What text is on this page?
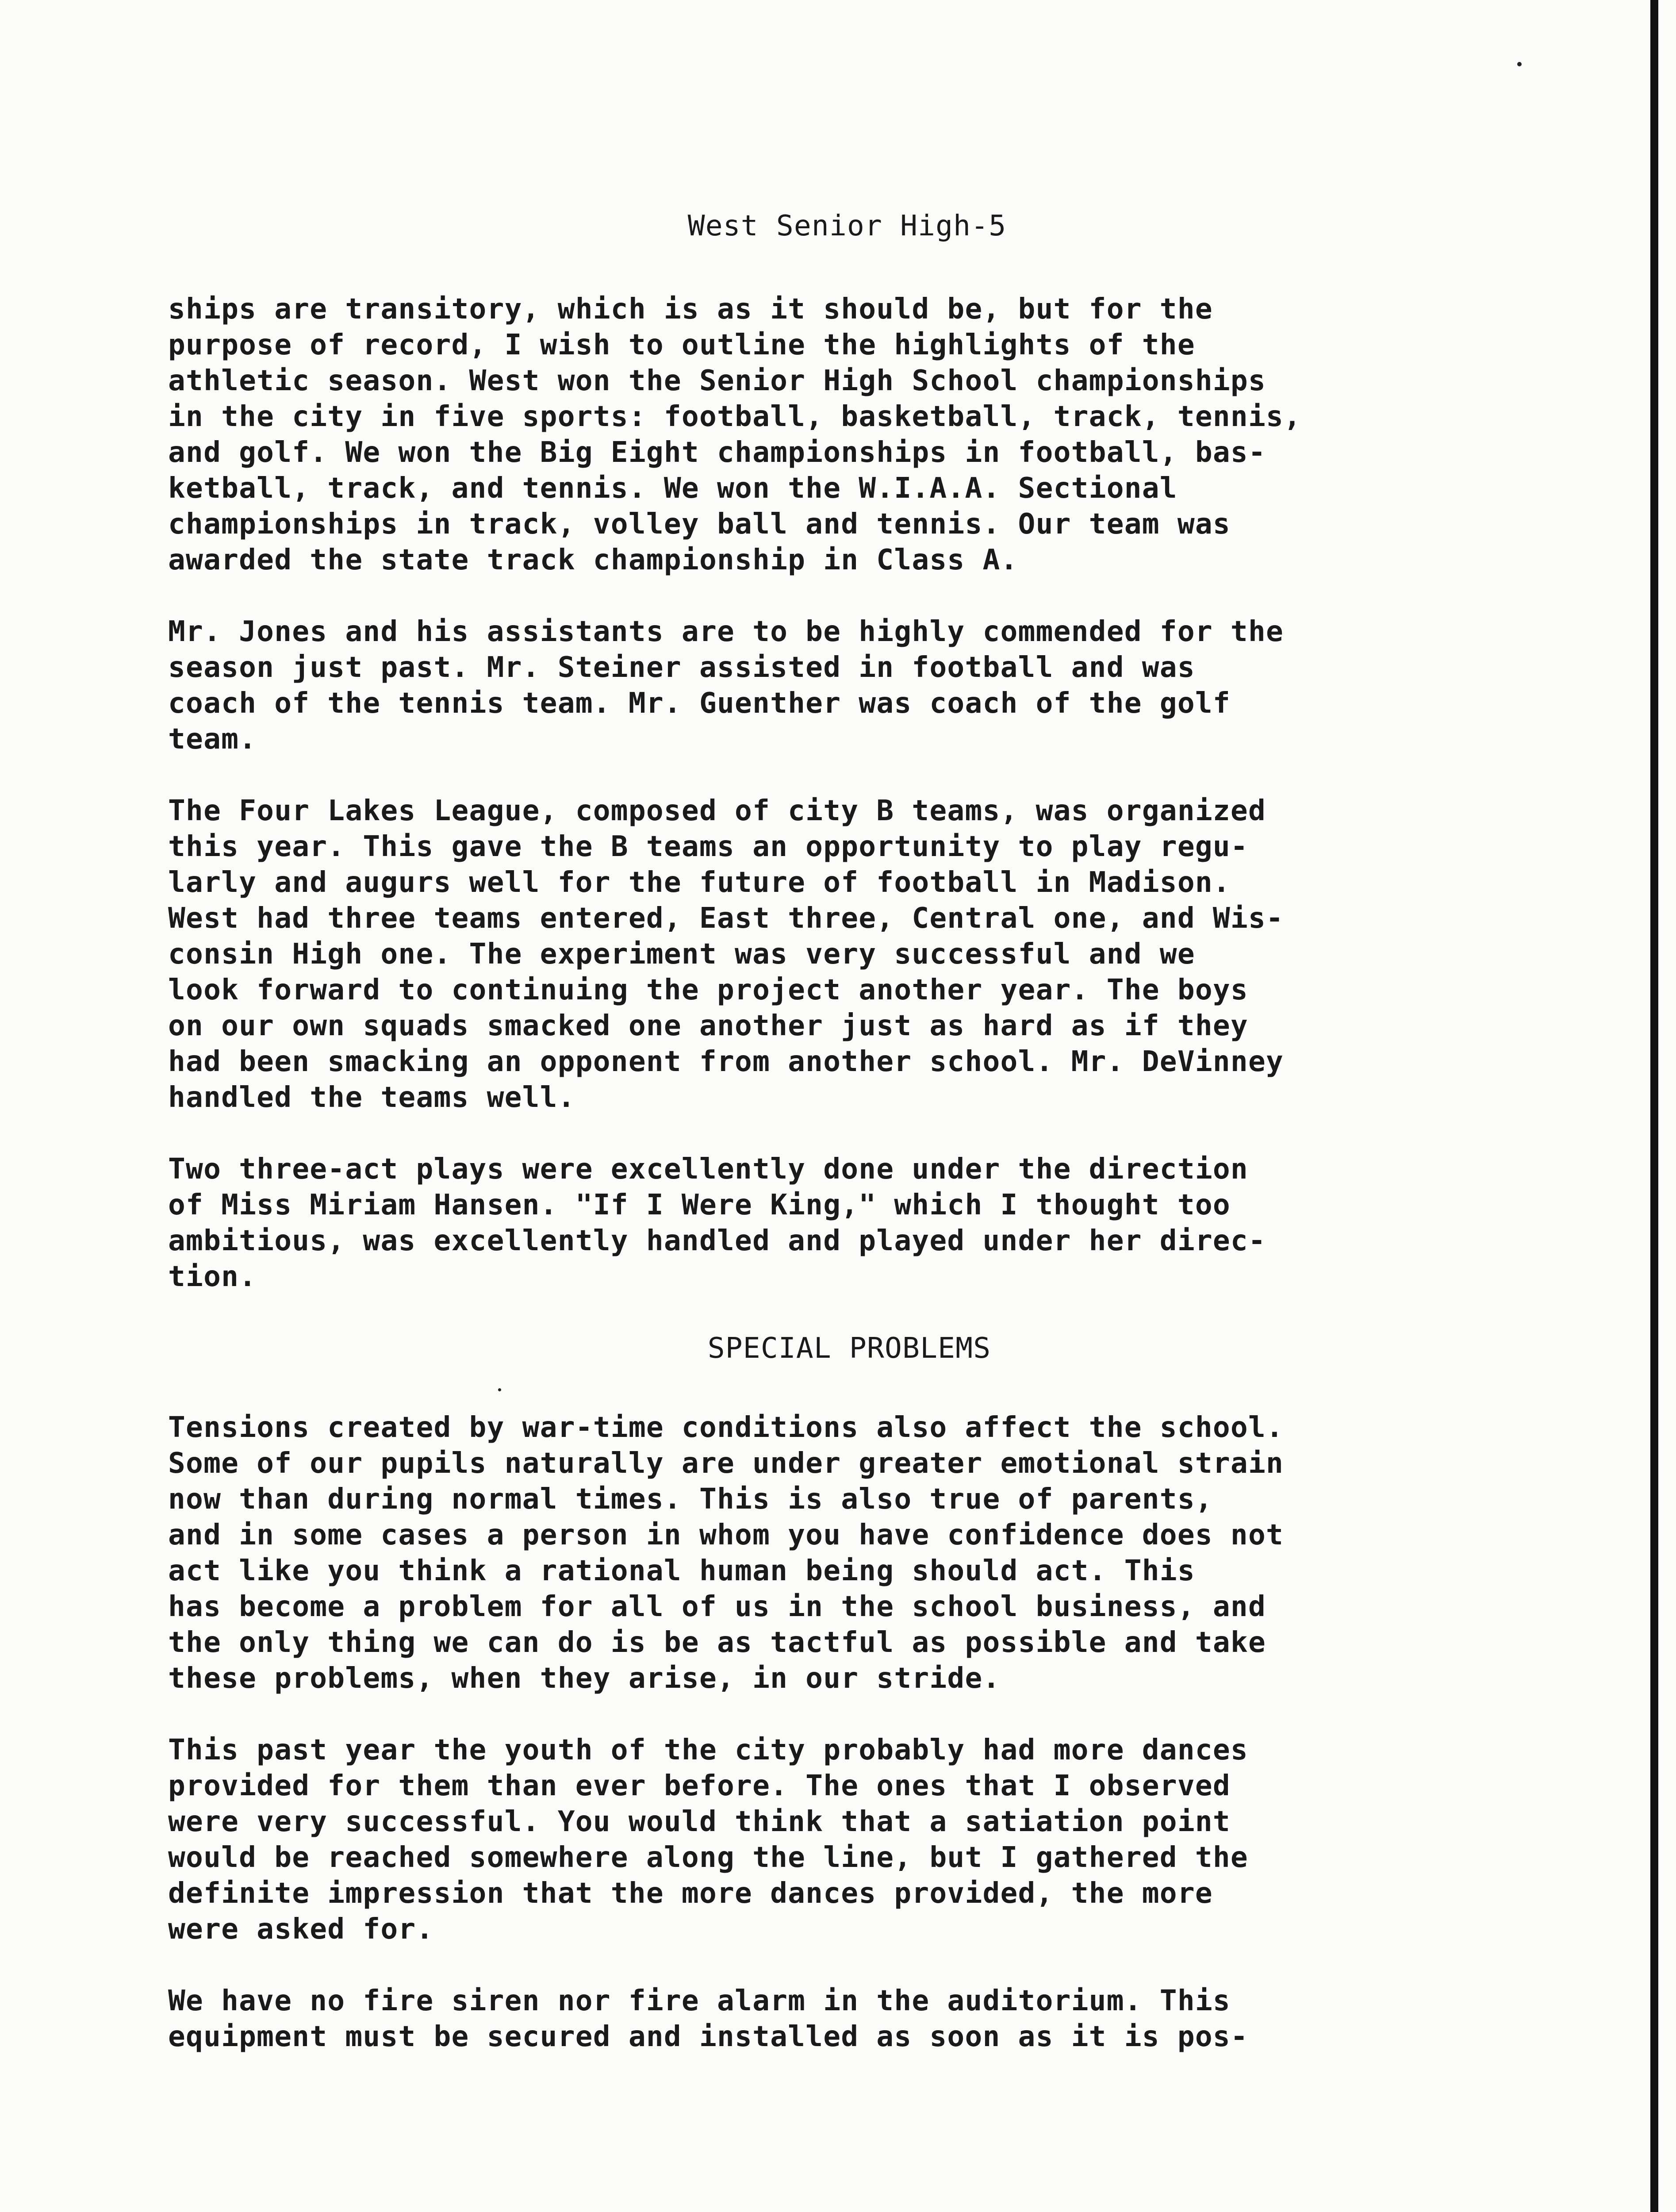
West Senior High-5
ships are transitory, which is as it should be, but for the
purpose of record, I wish to outline the highlights of the
athletic season. West won the Senior High School championships
in the city in five sports: football, basketball, track, tennis,
and golf. We won the Big Eight championships in football, bas-
ketball, track, and tennis. We won the W.I.A.A. Sectional
championships in track, volley ball and tennis. Our team was
awarded the state track championship in Class A.
Mr. Jones and his assistants are to be highly commended for the
season just past. Mr. Steiner assisted in football and was
coach of the tennis team. Mr. Guenther was coach of the golf
team.
The Four Lakes League, composed of city B teams, was organized
this year. This gave the B teams an opportunity to play regu-
larly and augurs well for the future of football in Madison.
West had three teams entered, East three, Central one, and Wis-
consin High one. The experiment was very successful and we
look forward to continuing the project another year. The boys
on our own squads smacked one another just as hard as if they
had been smacking an opponent from another school. Mr. DeVinney
handled the teams well.
Two three-act plays were excellently done under the direction
of Miss Miriam Hansen. "If I Were King," which I thought too
ambitious, was excellently handled and played under her direc-
tion.
SPECIAL PROBLEMS
Tensions created by war-time conditions also affect the school.
Some of our pupils naturally are under greater emotional strain
now than during normal times. This is also true of parents,
and in some cases a person in whom you have confidence does not
act like you think a rational human being should act. This
has become a problem for all of us in the school business, and
the only thing we can do is be as tactful as possible and take
these problems, when they arise, in our stride.
This past year the youth of the city probably had more dances
provided for them than ever before. The ones that I observed
were very successful. You would think that a satiation point
would be reached somewhere along the line, but I gathered the
definite impression that the more dances provided, the more
were asked for.
We have no fire siren nor fire alarm in the auditorium. This
equipment must be secured and installed as soon as it is pos-
